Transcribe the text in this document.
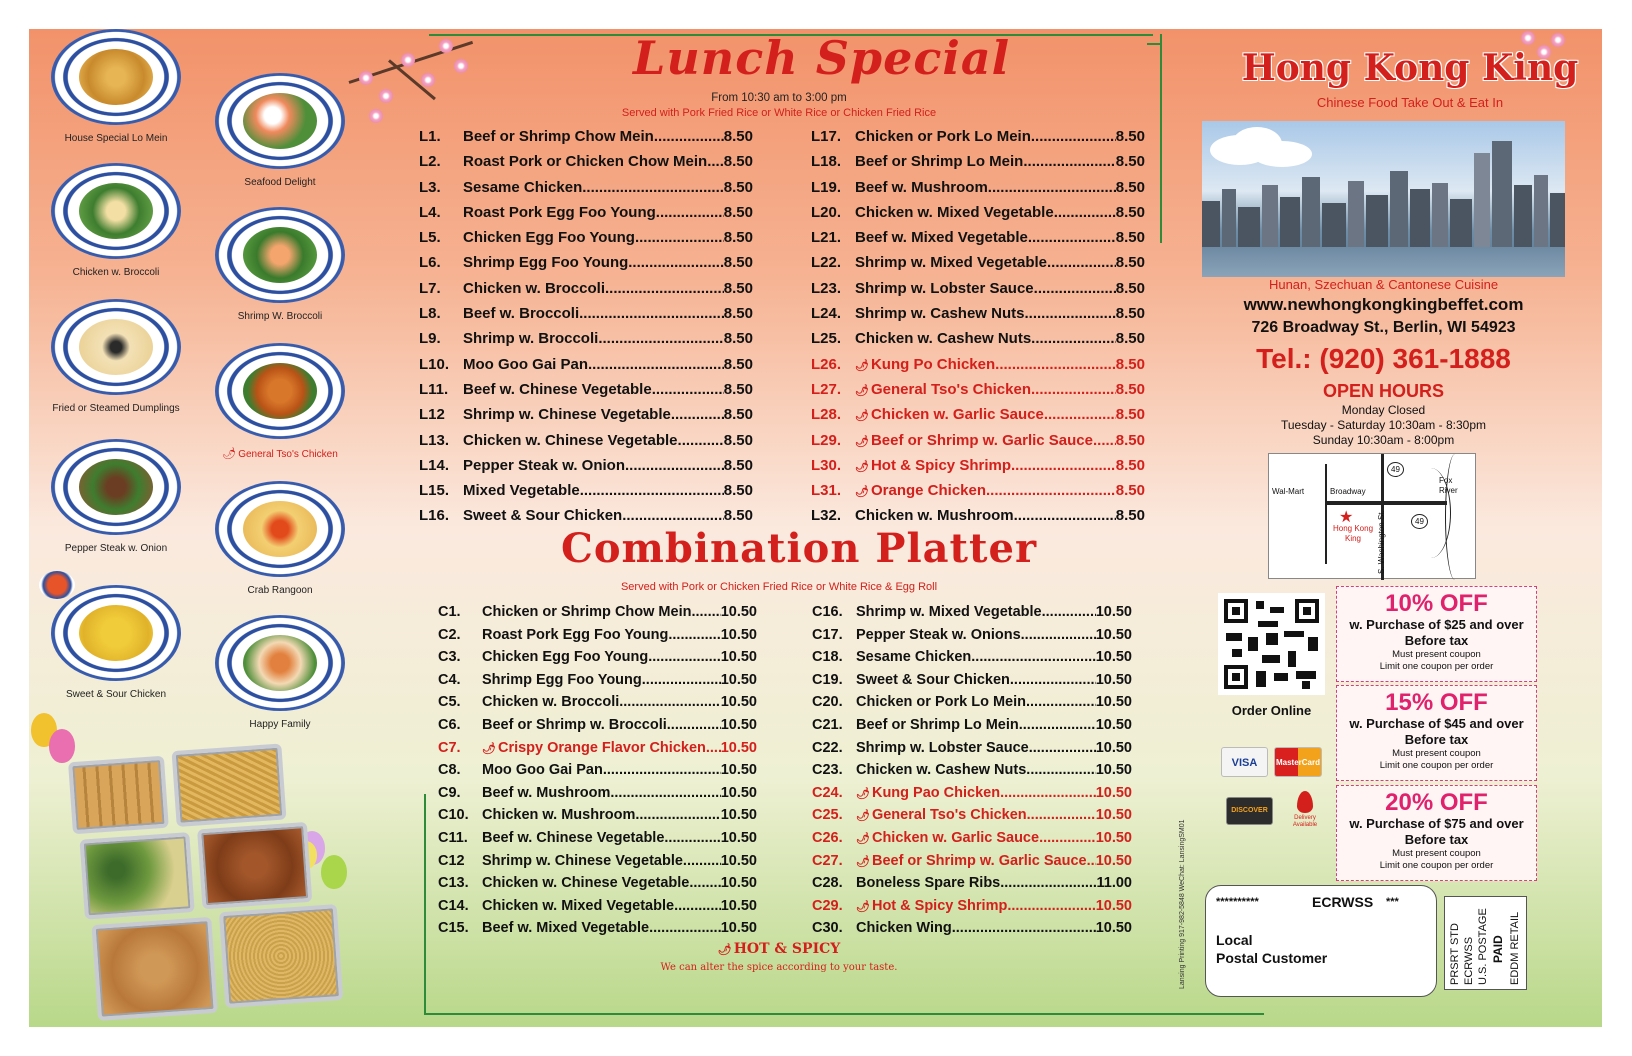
House Special Lo Mein
Seafood Delight
Chicken w. Broccoli
Shrimp W. Broccoli
Fried or Steamed Dumplings
🌶 General Tso's Chicken
Pepper Steak w. Onion
Crab Rangoon
Sweet & Sour Chicken
Happy Family
Lunch Special
From 10:30 am to 3:00 pm
Served with Pork Fried Rice or White Rice or Chicken Fried Rice
L1.	Beef or Shrimp Chow Mein .....	8.50
L2.	Roast Pork or Chicken Chow Mein ..... 8.50
L3.	Sesame Chicken .....	8.50
L4.	Roast Pork Egg Foo Young .....	8.50
L5.	Chicken Egg Foo Young .....	8.50
L6.	Shrimp Egg Foo Young .....	8.50
L7.	Chicken w. Broccoli .....	8.50
L8.	Beef w. Broccoli .....	8.50
L9.	Shrimp w. Broccoli .....	8.50
L10. Moo Goo Gai Pan .....	8.50
L11. Beef w. Chinese Vegetable .....	8.50
L12	Shrimp w. Chinese Vegetable .....	8.50
L13. Chicken w. Chinese Vegetable .....	8.50
L14. Pepper Steak w. Onion .....	8.50
L15. Mixed Vegetable .....	8.50
L16. Sweet & Sour Chicken .....	8.50
L17. Chicken or Pork Lo Mein .....	8.50
L18. Beef or Shrimp Lo Mein .....	8.50
L19. Beef w. Mushroom .....	8.50
L20. Chicken w. Mixed Vegetable .....	8.50
L21. Beef w. Mixed Vegetable .....	8.50
L22. Shrimp w. Mixed Vegetable .....	8.50
L23. Shrimp w. Lobster Sauce .....	8.50
L24. Shrimp w. Cashew Nuts .....	8.50
L25. Chicken w. Cashew Nuts .....	8.50
L26.	🌶 Kung Po Chicken .....	8.50
L27.	🌶 General Tso's Chicken .....	8.50
L28.	🌶 Chicken w. Garlic Sauce .....	8.50
L29.	🌶 Beef or Shrimp w. Garlic Sauce ..... 8.50
L30.	🌶 Hot & Spicy Shrimp .....	8.50
L31.	🌶 Orange Chicken .....	8.50
L32. Chicken w. Mushroom .....	8.50
Combination Platter
Served with Pork or Chicken Fried Rice or White Rice & Egg Roll
C1.	Chicken or Shrimp Chow Mein ..... 10.50
C2.	Roast Pork Egg Foo Young .....	10.50
C3.	Chicken Egg Foo Young .....	10.50
C4.	Shrimp Egg Foo Young .....	10.50
C5.	Chicken w. Broccoli .....	10.50
C6.	Beef or Shrimp w. Broccoli .....	10.50
C7.	🌶 Crispy Orange Flavor Chicken ..... 10.50
C8.	Moo Goo Gai Pan .....	10.50
C9.	Beef w. Mushroom .....	10.50
C10. Chicken w. Mushroom .....	10.50
C11. Beef w. Chinese Vegetable .....	10.50
C12	Shrimp w. Chinese Vegetable .....	10.50
C13. Chicken w. Chinese Vegetable ..... 10.50
C14. Chicken w. Mixed Vegetable .....	10.50
C15. Beef w. Mixed Vegetable .....	10.50
C16. Shrimp w. Mixed Vegetable .....	10.50
C17. Pepper Steak w. Onions .....	10.50
C18. Sesame Chicken .....	10.50
C19. Sweet & Sour Chicken .....	10.50
C20. Chicken or Pork Lo Mein .....	10.50
C21. Beef or Shrimp Lo Mein .....	10.50
C22. Shrimp w. Lobster Sauce .....	10.50
C23. Chicken w. Cashew Nuts .....	10.50
C24.	🌶 Kung Pao Chicken .....	10.50
C25.	🌶 General Tso's Chicken .....	10.50
C26.	🌶 Chicken w. Garlic Sauce .....	10.50
C27.	🌶 Beef or Shrimp w. Garlic Sauce ..... 10.50
C28. Boneless Spare Ribs .....	11.00
C29.	🌶 Hot & Spicy Shrimp .....	10.50
C30. Chicken Wing .....	10.50
🌶 HOT & SPICY
We can alter the spice according to your taste.
Hong Kong King
Chinese Food Take Out & Eat In
Hunan, Szechuan & Cantonese Cuisine
www.newhongkongkingbeffet.com
726 Broadway St., Berlin, WI 54923
Tel.: (920) 361-1888
OPEN HOURS
Monday Closed
Tuesday - Saturday 10:30am - 8:30pm
Sunday 10:30am - 8:00pm
Wal-Mart	Broadway
49
49
Fox River
S. Washington St.
★
Hong Kong King
Order Online
VISA	MasterCard
DISCOVER
Delivery Available
10% OFF
w. Purchase of $25 and over
Before tax
Must present coupon
Limit one coupon per order
15% OFF
w. Purchase of $45 and over
Before tax
Must present coupon
Limit one coupon per order
20% OFF
w. Purchase of $75 and over
Before tax
Must present coupon
Limit one coupon per order
Lansing Printing 917-982-5848 WeChat: LansingSM01	**********	ECRWSS ***
Local
Postal Customer	PRSRT STD ECRWSS U.S. POSTAGE PAID EDDM RETAIL
